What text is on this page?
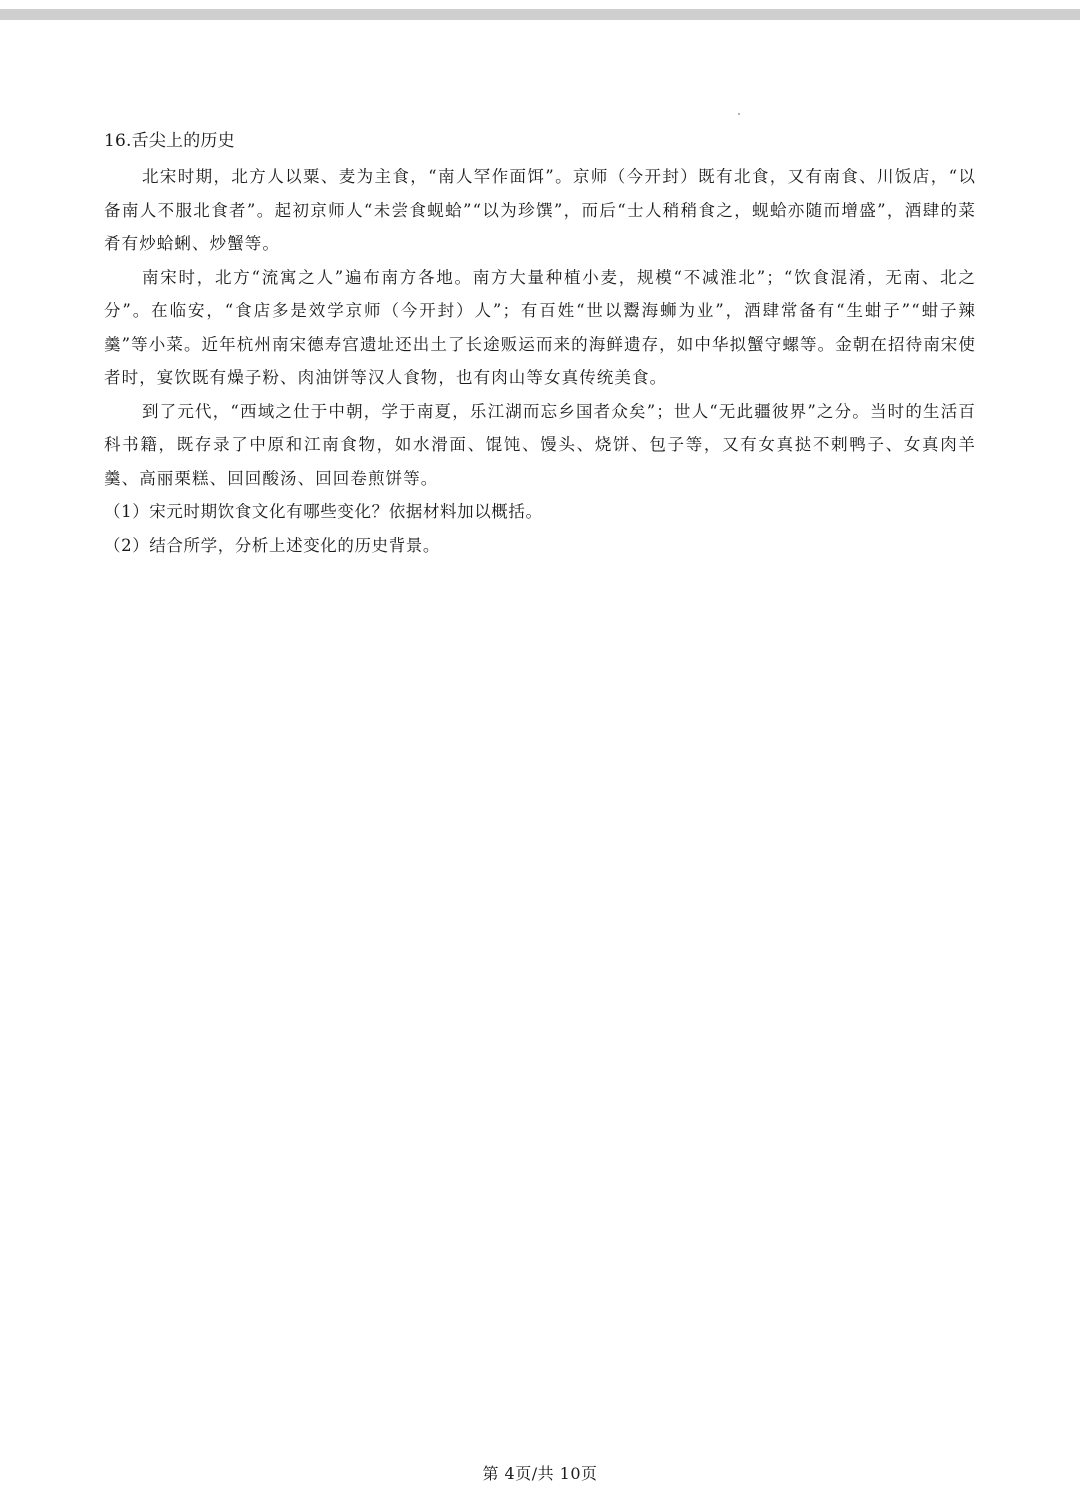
16.舌尖上的历史

北宋时期，北方人以粟、麦为主食，“南人罕作面饵”。京师（今开封）既有北食，又有南食、川饭店，“以备南人不服北食者”。起初京师人“未尝食蚬蛤”“以为珍馔”，而后“士人稍稍食之，蚬蛤亦随而增盛”，酒肆的菜肴有炒蛤蜊、炒蟹等。

南宋时，北方“流寓之人”遍布南方各地。南方大量种植小麦，规模“不减淮北”；“饮食混淆，无南、北之分”。在临安，“食店多是效学京师（今开封）人”；有百姓“世以鬻海蛳为业”，酒肆常备有“生蚶子”“蚶子辣羹”等小菜。近年杭州南宋德寿宫遗址还出土了长途贩运而来的海鲜遗存，如中华拟蟹守螺等。金朝在招待南宋使者时，宴饮既有燥子粉、肉油饼等汉人食物，也有肉山等女真传统美食。

到了元代，“西域之仕于中朝，学于南夏，乐江湖而忘乡国者众矣”；世人“无此疆彼界”之分。当时的生活百科书籍，既存录了中原和江南食物，如水滑面、馄饨、馒头、烧饼、包子等，又有女真挞不剌鸭子、女真肉羊羹、高丽栗糕、回回酸汤、回回卷煎饼等。

（1）宋元时期饮食文化有哪些变化？依据材料加以概括。

（2）结合所学，分析上述变化的历史背景。

第 4页/共 10页
